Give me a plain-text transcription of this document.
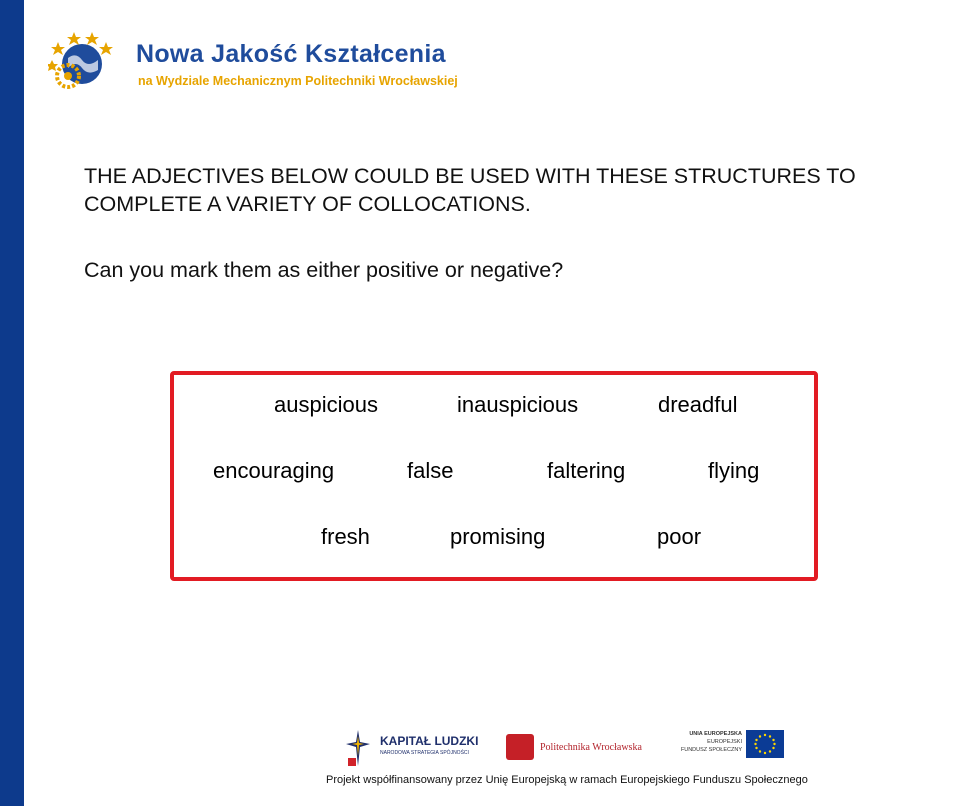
Nowa Jakość Kształcenia
na Wydziale Mechanicznym Politechniki Wrocławskiej
THE ADJECTIVES BELOW COULD BE USED WITH THESE STRUCTURES TO
COMPLETE A VARIETY OF COLLOCATIONS.
Can you mark them as either positive or negative?
auspicious	inauspicious	dreadful
encouraging	false	faltering	flying
fresh	promising	poor
KAPITAŁ LUDZKI
NARODOWA STRATEGIA SPÓJNOŚCI	Politechnika Wrocławska
UNIA EUROPEJSKA
EUROPEJSKI
FUNDUSZ SPOŁECZNY
Projekt współfinansowany przez Unię Europejską w ramach Europejskiego Funduszu Społecznego
